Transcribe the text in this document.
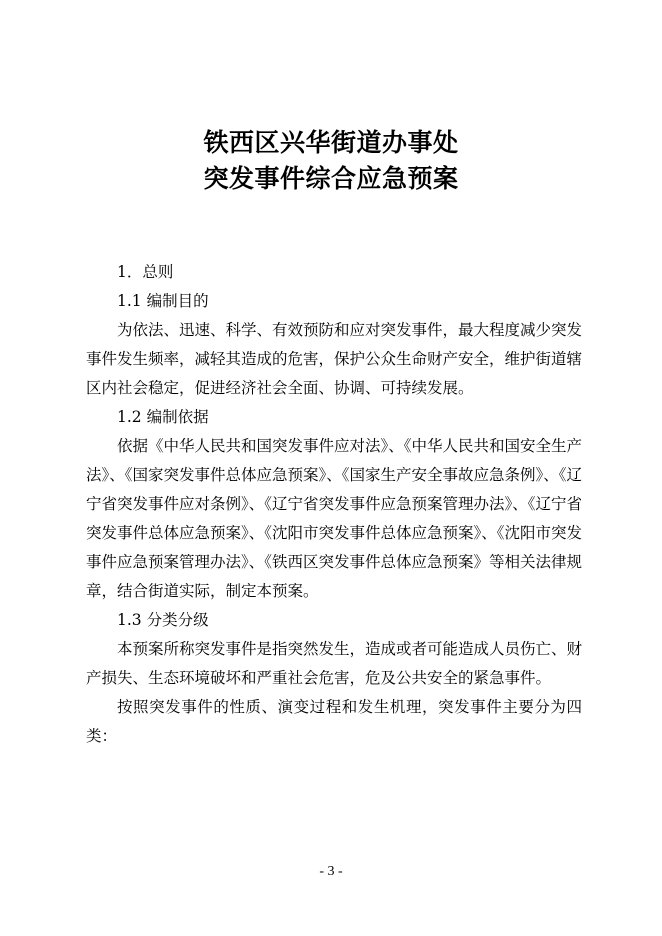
铁西区兴华街道办事处
突发事件综合应急预案
1．总则
1.1 编制目的

为依法、迅速、科学、有效预防和应对突发事件，最大程度减少突发事件发生频率，减轻其造成的危害，保护公众生命财产安全，维护街道辖区内社会稳定，促进经济社会全面、协调、可持续发展。

1.2 编制依据

依据《中华人民共和国突发事件应对法》、《中华人民共和国安全生产法》、《国家突发事件总体应急预案》、《国家生产安全事故应急条例》、《辽宁省突发事件应对条例》、《辽宁省突发事件应急预案管理办法》、《辽宁省突发事件总体应急预案》、《沈阳市突发事件总体应急预案》、《沈阳市突发事件应急预案管理办法》、《铁西区突发事件总体应急预案》等相关法律规章，结合街道实际，制定本预案。

1.3 分类分级

本预案所称突发事件是指突然发生，造成或者可能造成人员伤亡、财产损失、生态环境破坏和严重社会危害，危及公共安全的紧急事件。

按照突发事件的性质、演变过程和发生机理，突发事件主要分为四类：

- 3 -
